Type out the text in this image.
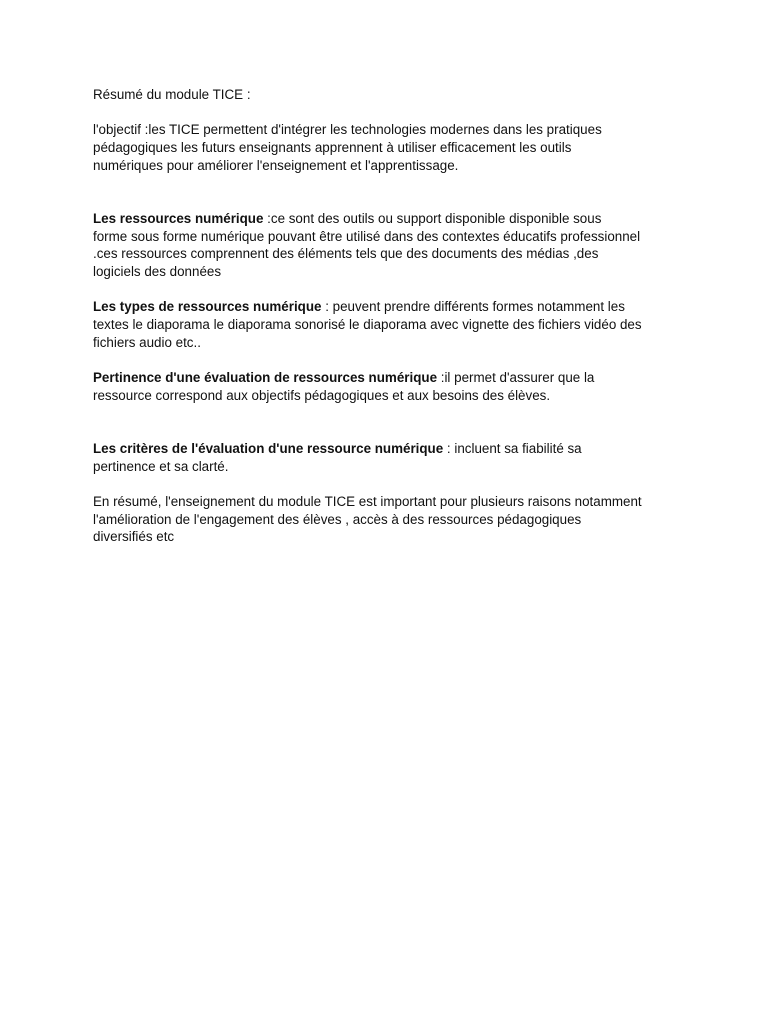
Résumé du module TICE :

l'objectif :les TICE permettent d'intégrer les technologies modernes dans les pratiques
pédagogiques les futurs enseignants apprennent à utiliser efficacement les outils
numériques pour améliorer l'enseignement et l'apprentissage.

Les ressources numérique :ce sont des outils ou support disponible disponible sous
forme sous forme numérique pouvant être utilisé dans des contextes éducatifs professionnel
.ces ressources comprennent des éléments tels que des documents des médias ,des
logiciels des données

Les types de ressources numérique : peuvent prendre différents formes notamment les
textes le diaporama le diaporama sonorisé le diaporama avec vignette des fichiers vidéo des
fichiers audio etc..

Pertinence d'une évaluation de ressources numérique :il permet d'assurer que la
ressource correspond aux objectifs pédagogiques et aux besoins des élèves.

Les critères de l'évaluation d'une ressource numérique : incluent sa fiabilité sa
pertinence et sa clarté.

En résumé, l'enseignement du module TICE est important pour plusieurs raisons notamment
l'amélioration de l'engagement des élèves , accès à des ressources pédagogiques
diversifiés etc
